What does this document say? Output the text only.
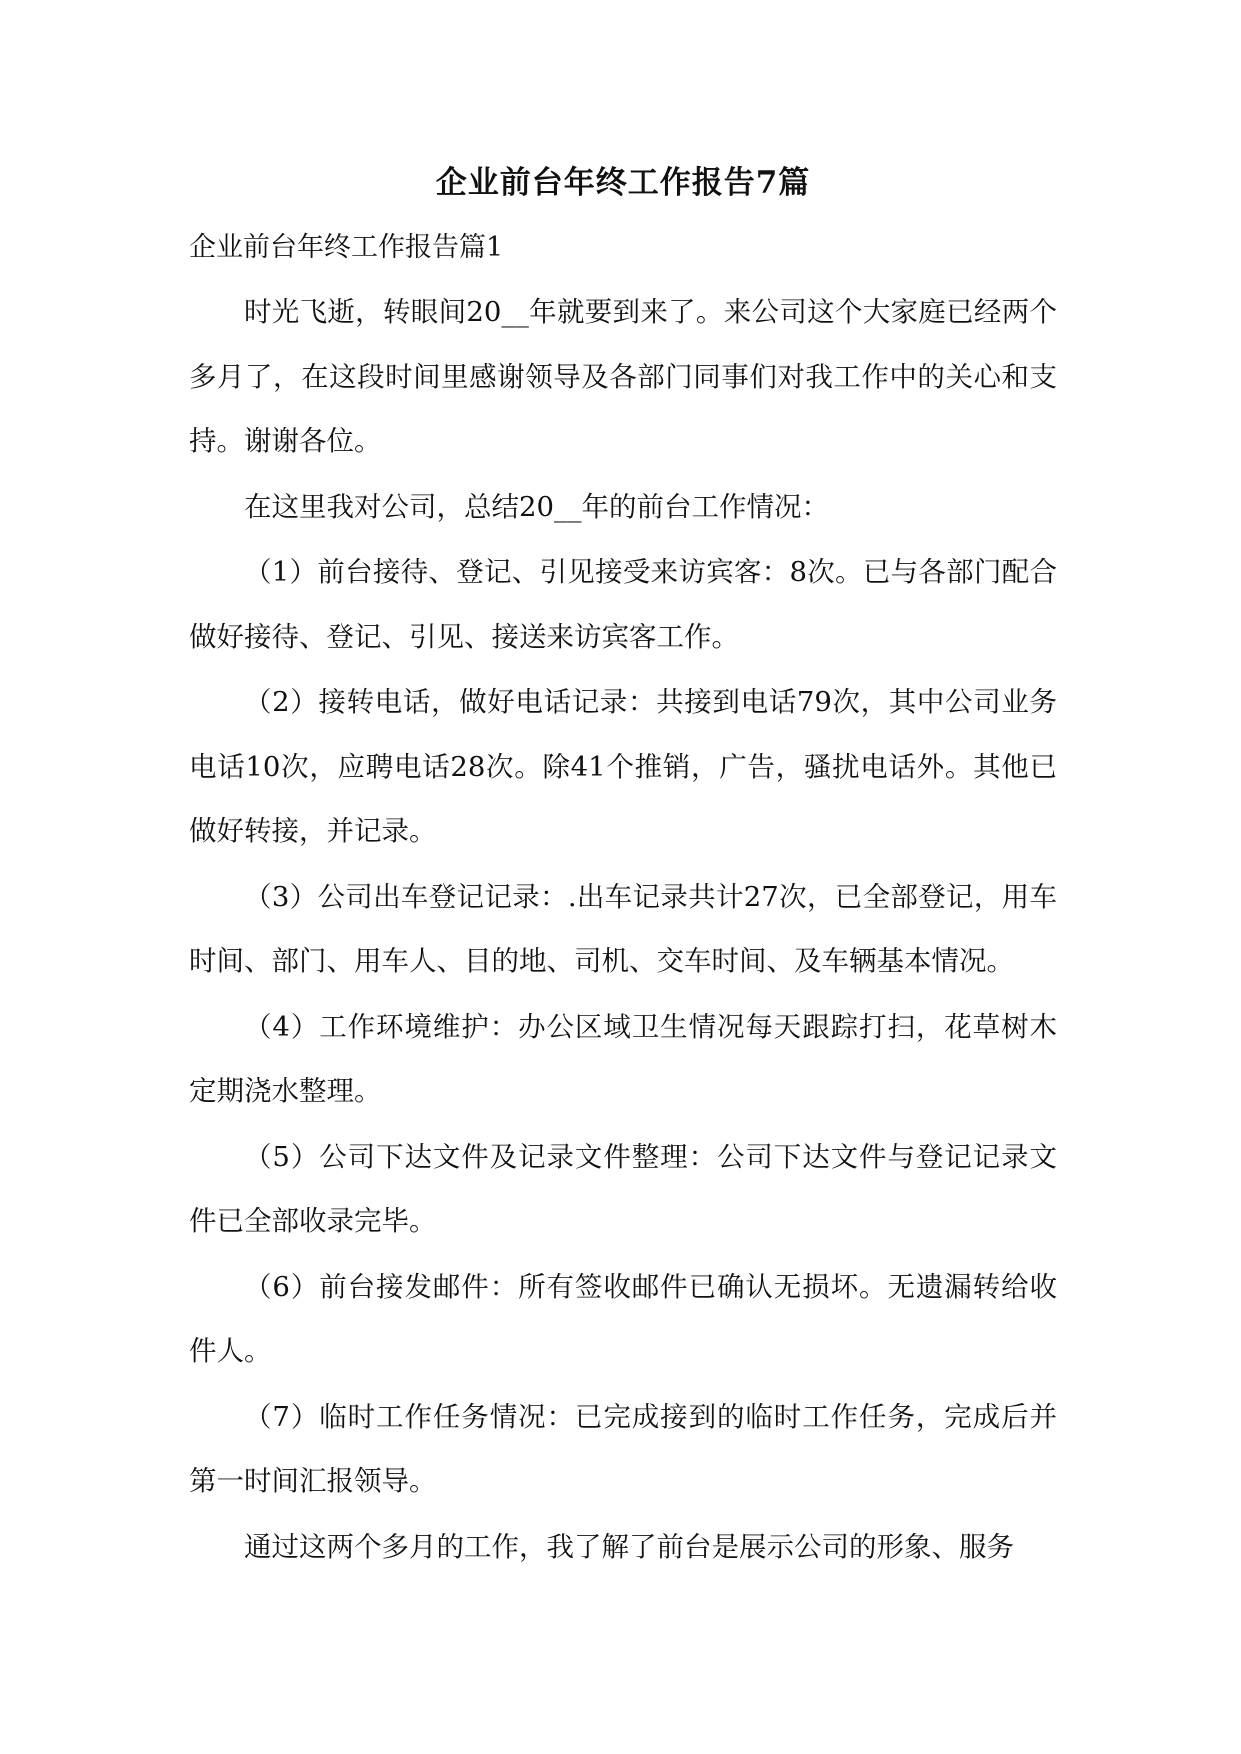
企业前台年终工作报告7篇
企业前台年终工作报告篇1

时光飞逝，转眼间20__年就要到来了。来公司这个大家庭已经两个多月了，在这段时间里感谢领导及各部门同事们对我工作中的关心和支持。谢谢各位。

在这里我对公司，总结20__年的前台工作情况：

（1）前台接待、登记、引见接受来访宾客：8次。已与各部门配合做好接待、登记、引见、接送来访宾客工作。

（2）接转电话，做好电话记录：共接到电话79次，其中公司业务电话10次，应聘电话28次。除41个推销，广告，骚扰电话外。其他已做好转接，并记录。

（3）公司出车登记记录：.出车记录共计27次，已全部登记，用车时间、部门、用车人、目的地、司机、交车时间、及车辆基本情况。

（4）工作环境维护：办公区域卫生情况每天跟踪打扫，花草树木定期浇水整理。

（5）公司下达文件及记录文件整理：公司下达文件与登记记录文件已全部收录完毕。

（6）前台接发邮件：所有签收邮件已确认无损坏。无遗漏转给收件人。

（7）临时工作任务情况：已完成接到的临时工作任务，完成后并第一时间汇报领导。

通过这两个多月的工作，我了解了前台是展示公司的形象、服务
